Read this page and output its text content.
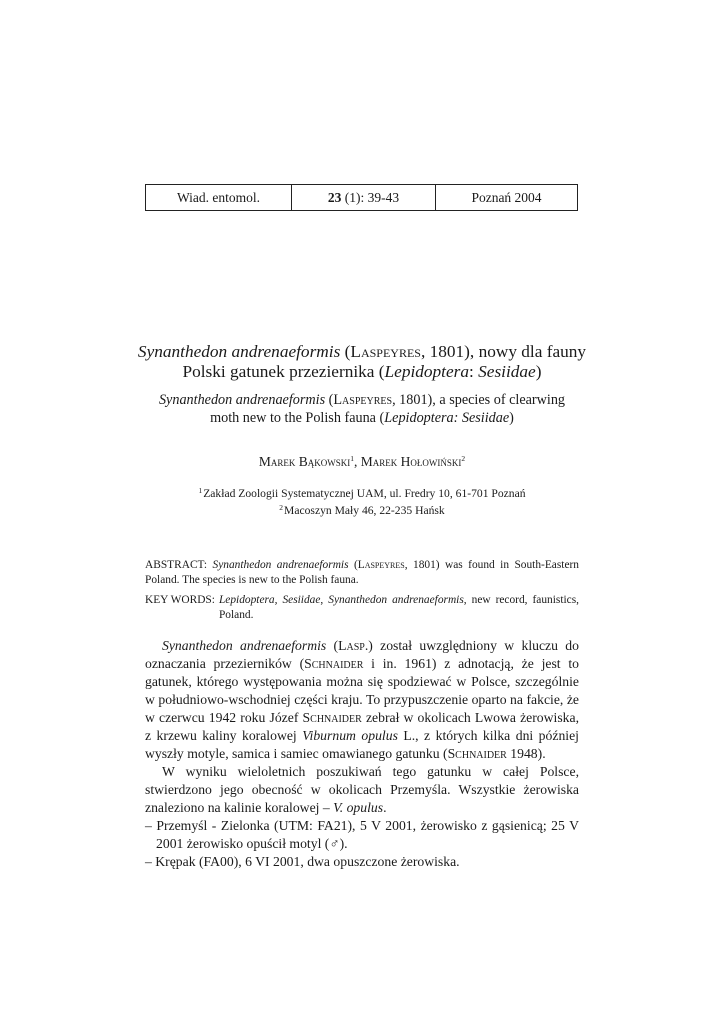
Wiad. entomol.	23
(1): 39-43	Poznań 2004
Synanthedon andrenaeformis (Laspeyres, 1801), nowy dla fauny
Polski gatunek przeziernika (Lepidoptera: Sesiidae)
Synanthedon andrenaeformis (Laspeyres, 1801), a species of clearwing
moth new to the Polish fauna (Lepidoptera: Sesiidae)
Marek Bąkowski$^1$, Marek Hołowiński$^2$
$^1$Zakład Zoologii Systematycznej UAM, ul. Fredry 10, 61-701 Poznań
$^2$Macoszyn Mały 46, 22-235 Hańsk
ABSTRACT: Synanthedon andrenaeformis (Laspeyres, 1801) was found in South-Eastern Poland. The species is new to the Polish fauna.
KEY WORDS: Lepidoptera, Sesiidae, Synanthedon andrenaeformis, new record, faunistics, Poland.

Synanthedon andrenaeformis (Lasp.) został uwzględniony w kluczu do oznaczania przezierników (Schnaider i in. 1961) z adnotacją, że jest to gatunek, którego występowania można się spodziewać w Polsce, szczególnie w południowo-wschodniej części kraju. To przypuszczenie oparto na fakcie, że w czerwcu 1942 roku Józef Schnaider zebrał w okolicach Lwowa żerowiska, z krzewu kaliny koralowej Viburnum opulus L., z których kilka dni później wyszły motyle, samica i samiec omawianego gatunku (Schnaider 1948).

W wyniku wieloletnich poszukiwań tego gatunku w całej Polsce, stwierdzono jego obecność w okolicach Przemyśla. Wszystkie żerowiska znaleziono na kalinie koralowej – V. opulus.

– Przemyśl - Zielonka (UTM: FA21), 5 V 2001, żerowisko z gąsienicą; 25 V 2001 żerowisko opuścił motyl (♂).

– Krępak (FA00), 6 VI 2001, dwa opuszczone żerowiska.
